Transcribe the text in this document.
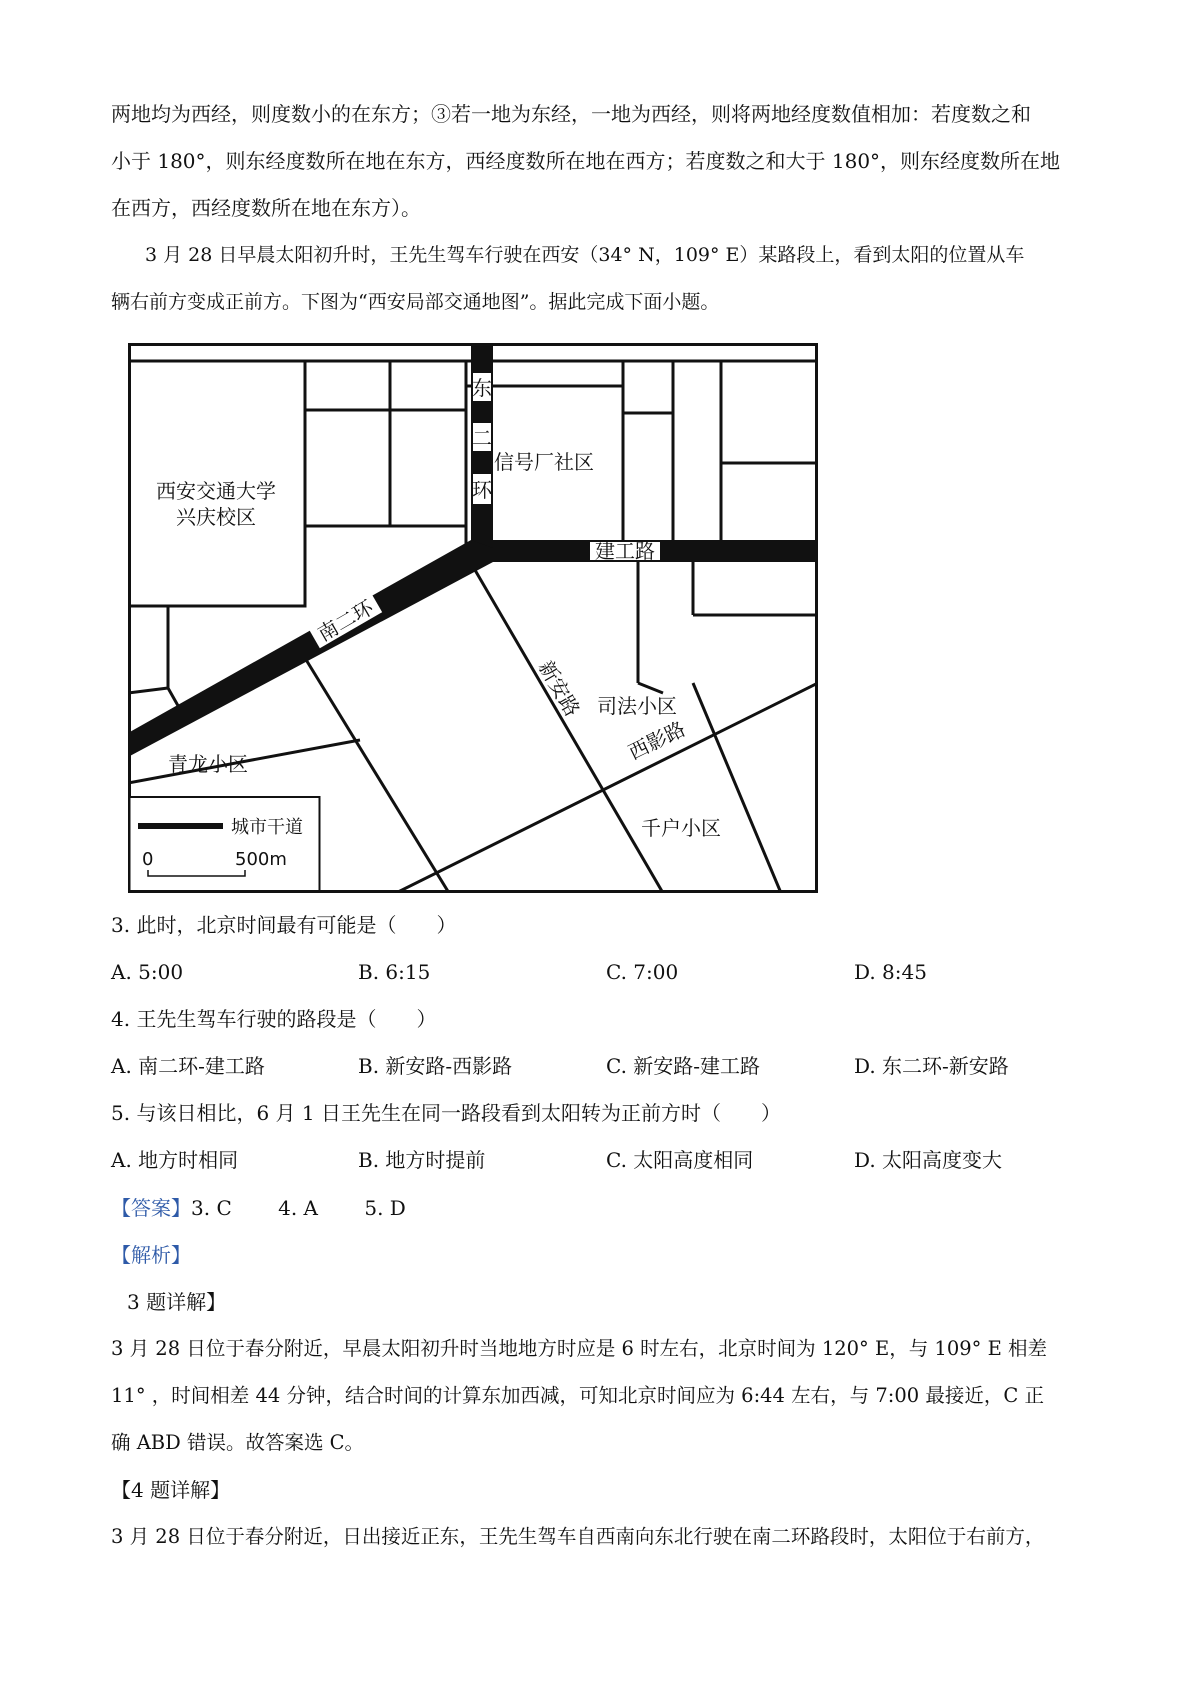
两地均为西经，则度数小的在东方；③若一地为东经，一地为西经，则将两地经度数值相加：若度数之和
小于 180°，则东经度数所在地在东方，西经度数所在地在西方；若度数之和大于 180°，则东经度数所在地
在西方，西经度数所在地在东方）。
3 月 28 日早晨太阳初升时，王先生驾车行驶在西安（34° N，109° E）某路段上，看到太阳的位置从车
辆右前方变成正前方。下图为“西安局部交通地图”。据此完成下面小题。
西安交通大学
兴庆校区
信号厂社区
东
二
环
建工路
南二环
新安路 司法小区
西影路
青龙小区
千户小区
城市干道
0	500m
3. 此时，北京时间最有可能是（　　）
A. 5:00	B. 6:15	C. 7:00	D. 8:45
4. 王先生驾车行驶的路段是（　　）
A. 南二环-建工路	B. 新安路-西影路	C. 新安路-建工路	D. 东二环-新安路
5. 与该日相比，6 月 1 日王先生在同一路段看到太阳转为正前方时（　　）
A. 地方时相同	B. 地方时提前	C. 太阳高度相同	D. 太阳高度变大
【答案】3. C　　 4. A　　 5. D
【解析】
3 题详解】
3 月 28 日位于春分附近，早晨太阳初升时当地地方时应是 6 时左右，北京时间为 120° E，与 109° E 相差
11° ，时间相差 44 分钟，结合时间的计算东加西减，可知北京时间应为 6:44 左右，与 7:00 最接近，C 正
确 ABD 错误。故答案选 C。
【4 题详解】
3 月 28 日位于春分附近，日出接近正东，王先生驾车自西南向东北行驶在南二环路段时，太阳位于右前方，
